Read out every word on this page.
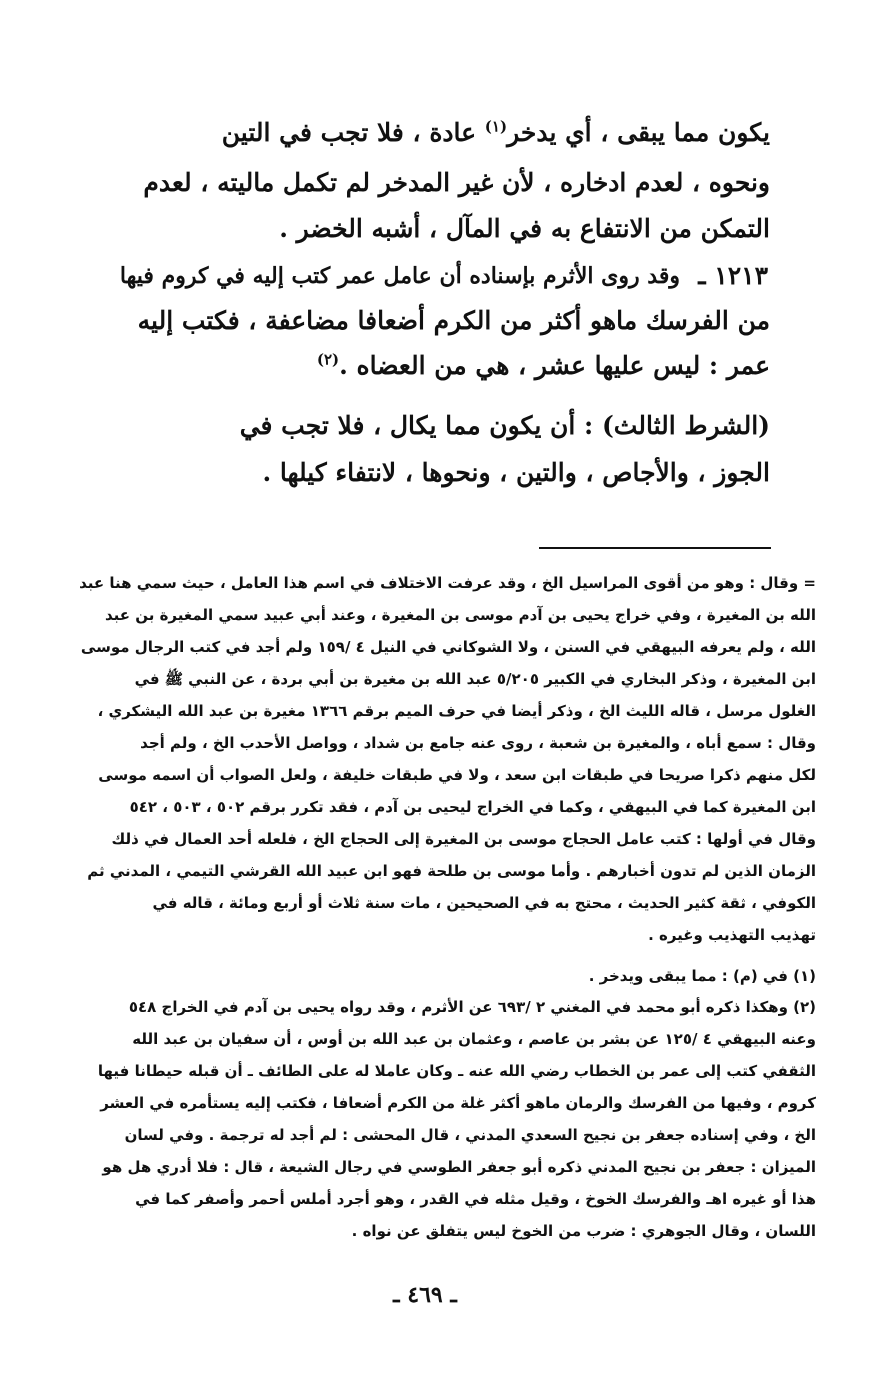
يكون مما يبقى ، أي يدخر$^{(١)}$ عادة ، فلا تجب في التين
ونحوه ، لعدم ادخاره ، لأن غير المدخر لم تكمل ماليته ، لعدم
التمكن من الانتفاع به في المآل ، أشبه الخضر .
١٢١٣ ـ
وقد روى الأثرم بإسناده أن عامل عمر كتب إليه في كروم فيها
من الفرسك ماهو أكثر من الكرم أضعافا مضاعفة ، فكتب إليه
عمر : ليس عليها عشر ، هي من العضاه .$^{(٢)}$
(الشرط الثالث) : أن يكون مما يكال ، فلا تجب في
الجوز ، والأجاص ، والتين ، ونحوها ، لانتفاء كيلها .
= وقال : وهو من أقوى المراسيل الخ ، وقد عرفت الاختلاف في اسم هذا العامل ، حيث سمي هنا عبد
الله بن المغيرة ، وفي خراج يحيى بن آدم موسى بن المغيرة ، وعند أبي عبيد سمي المغيرة بن عبد
الله ، ولم يعرفه البيهقي في السنن ، ولا الشوكاني في النيل ٤ /١٥٩ ولم أجد في كتب الرجال موسى
ابن المغيرة ، وذكر البخاري في الكبير ٥/٢٠٥ عبد الله بن مغيرة بن أبي بردة ، عن النبي ﷺ في
الغلول مرسل ، قاله الليث الخ ، وذكر أيضا في حرف الميم برقم ١٣٦٦ مغيرة بن عبد الله اليشكري ،
وقال : سمع أباه ، والمغيرة بن شعبة ، روى عنه جامع بن شداد ، وواصل الأحدب الخ ، ولم أجد
لكل منهم ذكرا صريحا في طبقات ابن سعد ، ولا في طبقات خليفة ، ولعل الصواب أن اسمه موسى
ابن المغيرة كما في البيهقي ، وكما في الخراج ليحيى بن آدم ، فقد تكرر برقم ٥٠٢ ، ٥٠٣ ، ٥٤٢
وقال في أولها : كتب عامل الحجاج موسى بن المغيرة إلى الحجاج الخ ، فلعله أحد العمال في ذلك
الزمان الذين لم تدون أخبارهم . وأما موسى بن طلحة فهو ابن عبيد الله القرشي التيمي ، المدني ثم
الكوفي ، ثقة كثير الحديث ، محتج به في الصحيحين ، مات سنة ثلاث أو أربع ومائة ، قاله في
تهذيب التهذيب وغيره .
(١) في (م) : مما يبقى ويدخر .
(٢) وهكذا ذكره أبو محمد في المغني ٢ /٦٩٣ عن الأثرم ، وقد رواه يحيى بن آدم في الخراج ٥٤٨
وعنه البيهقي ٤ /١٢٥ عن بشر بن عاصم ، وعثمان بن عبد الله بن أوس ، أن سفيان بن عبد الله
الثقفي كتب إلى عمر بن الخطاب رضي الله عنه ـ وكان عاملا له على الطائف ـ أن قبله حيطانا فيها
كروم ، وفيها من الفرسك والرمان ماهو أكثر غلة من الكرم أضعافا ، فكتب إليه يستأمره في العشر
الخ ، وفي إسناده جعفر بن نجيح السعدي المدني ، قال المحشى : لم أجد له ترجمة . وفي لسان
الميزان : جعفر بن نجيح المدني ذكره أبو جعفر الطوسي في رجال الشيعة ، قال : فلا أدري هل هو
هذا أو غيره اهـ والفرسك الخوخ ، وقيل مثله في القدر ، وهو أجرد أملس أحمر وأصفر كما في
اللسان ، وقال الجوهري : ضرب من الخوخ ليس يتفلق عن نواه .
ـ ٤٦٩ ـ
